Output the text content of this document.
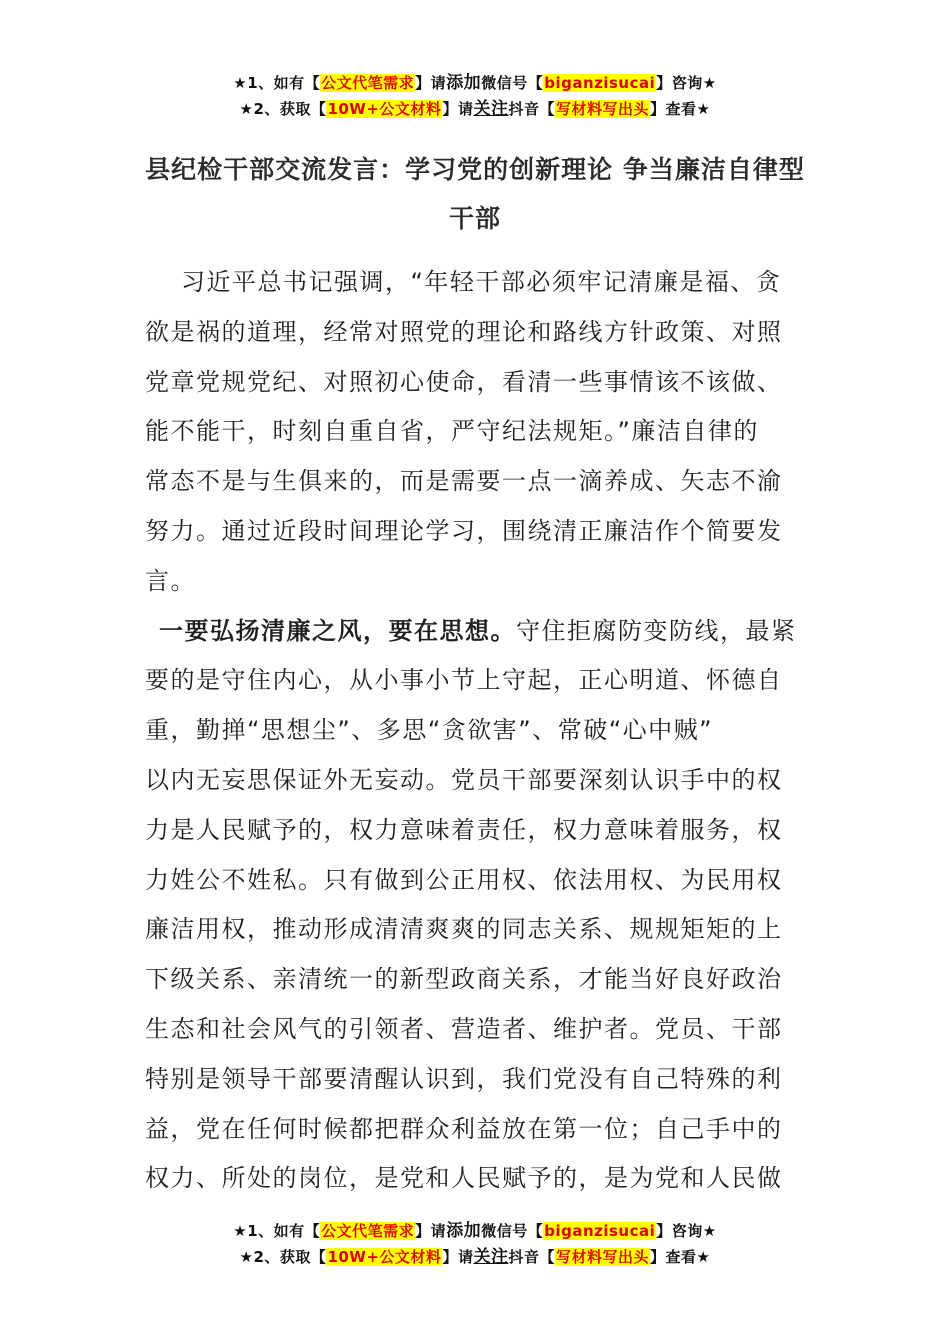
★1、如有【公文代笔需求】请添加微信号【biganzisucai】咨询★
★2、获取【10W+公文材料】请关注抖音【写材料写出头】查看★
县纪检干部交流发言：学习党的创新理论 争当廉洁自律型
干部
习近平总书记强调，“年轻干部必须牢记清廉是福、贪
欲是祸的道理，经常对照党的理论和路线方针政策、对照
党章党规党纪、对照初心使命，看清一些事情该不该做、
能不能干，时刻自重自省，严守纪法规矩。”廉洁自律的
常态不是与生俱来的，而是需要一点一滴养成、矢志不渝
努力。通过近段时间理论学习，围绕清正廉洁作个简要发
言。
一要弘扬清廉之风，要在思想。守住拒腐防变防线，最紧
要的是守住内心，从小事小节上守起，正心明道、怀德自
重，勤掸“思想尘”、多思“贪欲害”、常破“心中贼”
以内无妄思保证外无妄动。党员干部要深刻认识手中的权
力是人民赋予的，权力意味着责任，权力意味着服务，权
力姓公不姓私。只有做到公正用权、依法用权、为民用权
廉洁用权，推动形成清清爽爽的同志关系、规规矩矩的上
下级关系、亲清统一的新型政商关系，才能当好良好政治
生态和社会风气的引领者、营造者、维护者。党员、干部
特别是领导干部要清醒认识到，我们党没有自己特殊的利
益，党在任何时候都把群众利益放在第一位；自己手中的
权力、所处的岗位，是党和人民赋予的，是为党和人民做
★1、如有【公文代笔需求】请添加微信号【biganzisucai】咨询★
★2、获取【10W+公文材料】请关注抖音【写材料写出头】查看★
